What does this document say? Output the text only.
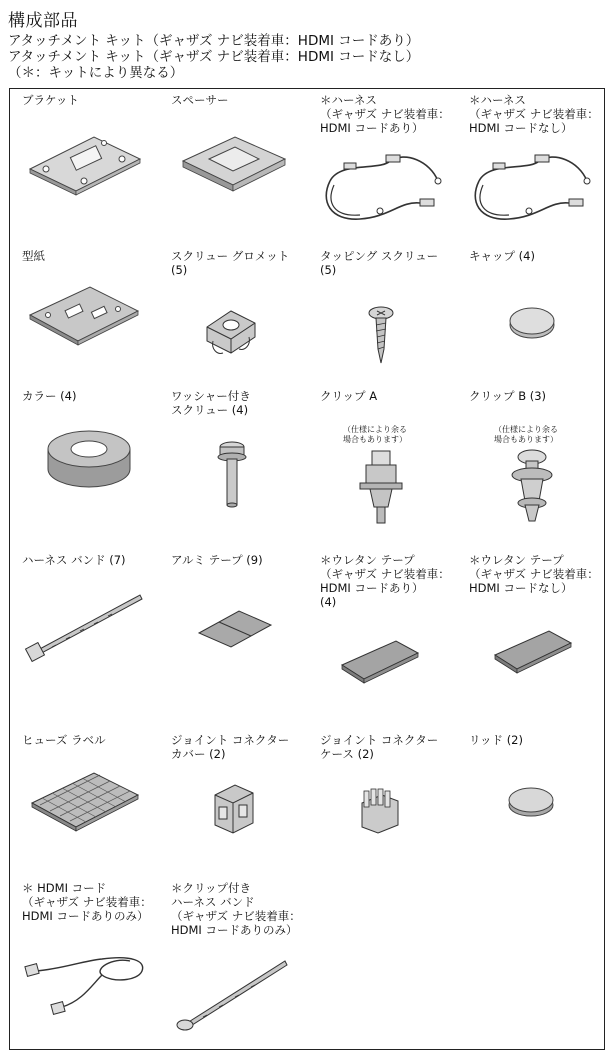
構成部品
アタッチメント キット（ギャザズ ナビ装着車：HDMI コードあり）
アタッチメント キット（ギャザズ ナビ装着車：HDMI コードなし）
（＊：キットにより異なる）
ブラケット	スペーサー	＊ハーネス
（ギャザズ ナビ装着車：
HDMI コードあり）
＊ハーネス
（ギャザズ ナビ装着車：
HDMI コードなし）
型紙	スクリュー グロメット
(5)
タッピング スクリュー
(5)
キャップ (4)
カラー (4)	ワッシャー付き
スクリュー (4)
クリップ A
（仕様により余る
場合もあります）
クリップ B (3)
（仕様により余る
場合もあります）
ハーネス バンド (7)	アルミ テープ (9)	＊ウレタン テープ
（ギャザズ ナビ装着車：
HDMI コードあり）
(4)
＊ウレタン テープ
（ギャザズ ナビ装着車：
HDMI コードなし）
ヒューズ ラベル	ジョイント コネクター
カバー (2)
ジョイント コネクター
ケース (2)
リッド (2)
＊ HDMI コード
（ギャザズ ナビ装着車：
HDMI コードありのみ）
＊クリップ付き
ハーネス バンド
（ギャザズ ナビ装着車：
HDMI コードありのみ）
